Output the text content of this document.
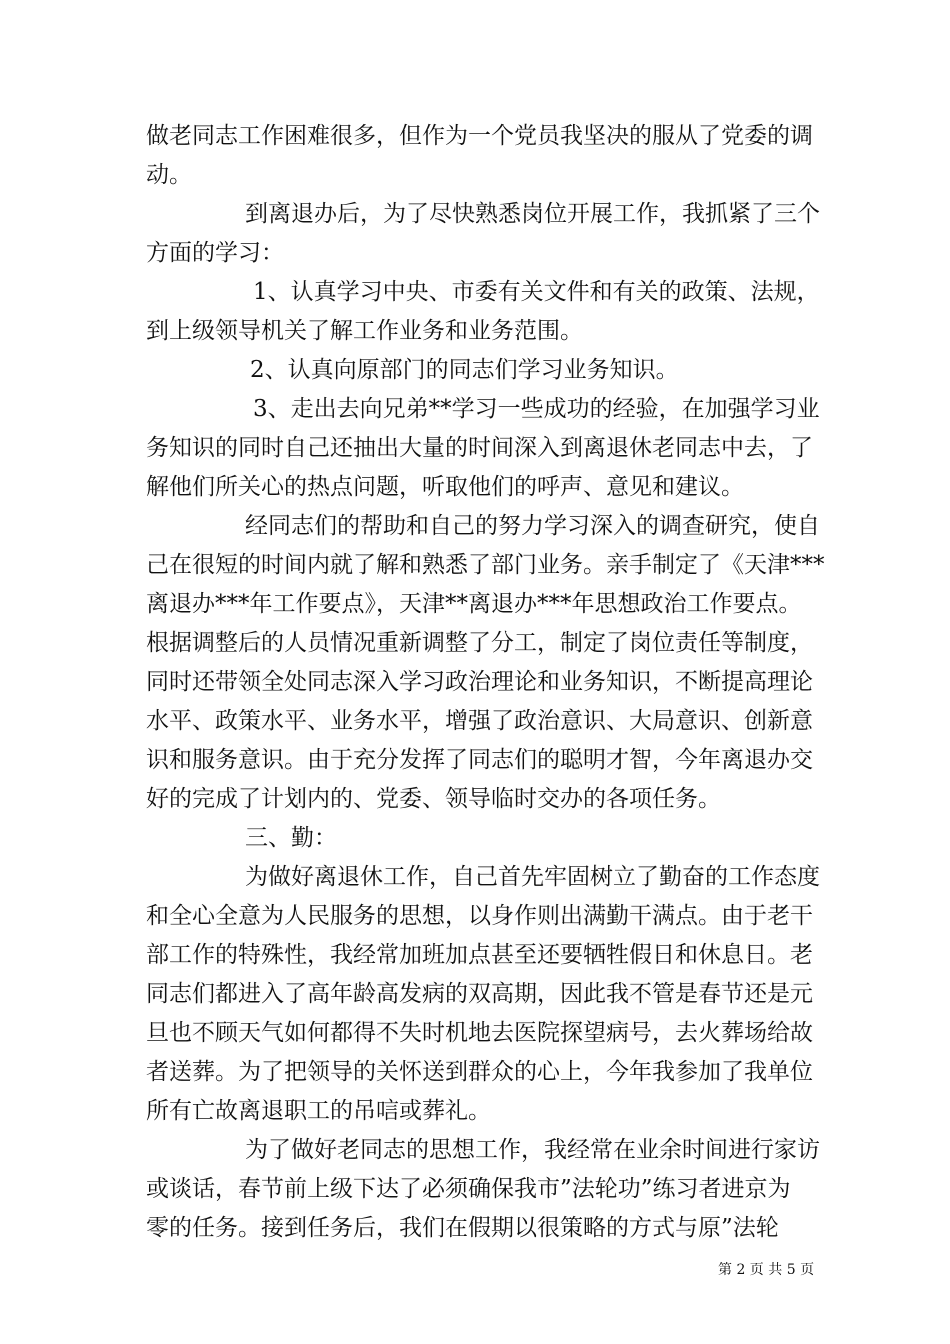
做老同志工作困难很多，但作为一个党员我坚决的服从了党委的调
动。
到离退办后，为了尽快熟悉岗位开展工作，我抓紧了三个
方面的学习：
1、认真学习中央、市委有关文件和有关的政策、法规，
到上级领导机关了解工作业务和业务范围。
2、认真向原部门的同志们学习业务知识。
3、走出去向兄弟**学习一些成功的经验，在加强学习业
务知识的同时自己还抽出大量的时间深入到离退休老同志中去，了
解他们所关心的热点问题，听取他们的呼声、意见和建议。
经同志们的帮助和自己的努力学习深入的调查研究，使自
己在很短的时间内就了解和熟悉了部门业务。亲手制定了《天津***
离退办***年工作要点》，天津**离退办***年思想政治工作要点。
根据调整后的人员情况重新调整了分工，制定了岗位责任等制度，
同时还带领全处同志深入学习政治理论和业务知识，不断提高理论
水平、政策水平、业务水平，增强了政治意识、大局意识、创新意
识和服务意识。由于充分发挥了同志们的聪明才智，今年离退办交
好的完成了计划内的、党委、领导临时交办的各项任务。
三、勤：
为做好离退休工作，自己首先牢固树立了勤奋的工作态度
和全心全意为人民服务的思想，以身作则出满勤干满点。由于老干
部工作的特殊性，我经常加班加点甚至还要牺牲假日和休息日。老
同志们都进入了高年龄高发病的双高期，因此我不管是春节还是元
旦也不顾天气如何都得不失时机地去医院探望病号，去火葬场给故
者送葬。为了把领导的关怀送到群众的心上，今年我参加了我单位
所有亡故离退职工的吊唁或葬礼。
为了做好老同志的思想工作，我经常在业余时间进行家访
或谈话，春节前上级下达了必须确保我市”法轮功”练习者进京为
零的任务。接到任务后，我们在假期以很策略的方式与原”法轮
第 2 页 共 5 页
